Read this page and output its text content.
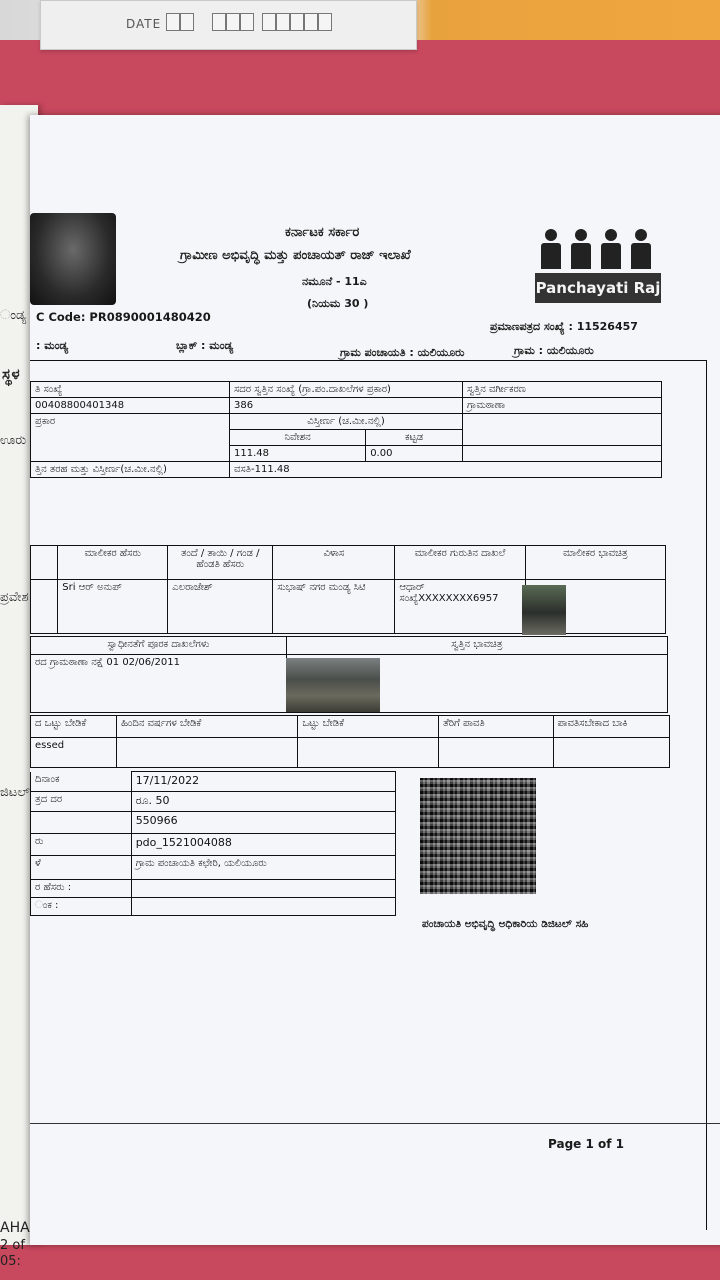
DATE
ಂಡ್ಯ
ಸ್ಥಳ
ಊರು
ಪ್ರವೇಶ
ಜಿಟಲ್
AHA
2 of
05:
ಕರ್ನಾಟಕ ಸರ್ಕಾರ
ಗ್ರಾಮೀಣ ಅಭಿವೃದ್ಧಿ ಮತ್ತು ಪಂಚಾಯತ್ ರಾಜ್ ಇಲಾಖೆ
ನಮೂನೆ - 11ಎ
(ನಿಯಮ 30 )
Panchayati Raj
C Code: PR0890001480420
ಪ್ರಮಾಣಪತ್ರದ ಸಂಖ್ಯೆ : 11526457
: ಮಂಡ್ಯ	ಬ್ಲಾಕ್ : ಮಂಡ್ಯ
ಗ್ರಾಮ ಪಂಚಾಯತಿ : ಯಲಿಯೂರು	ಗ್ರಾಮ : ಯಲಿಯೂರು
ತಿ ಸಂಖ್ಯೆ	ಸದರ ಸ್ವತ್ತಿನ ಸಂಖ್ಯೆ (ಗ್ರಾ.ಪಂ.ದಾಖಲೆಗಳ ಪ್ರಕಾರ)		ಸ್ವತ್ತಿನ ವರ್ಗೀಕರಣ
00408800401348	386		ಗ್ರಾಮಠಾಣಾ
ಪ್ರಕಾರ	ವಿಸ್ತೀರ್ಣ (ಚ.ಮೀ.ನಲ್ಲಿ)		
	ನಿವೇಶನ	ಕಟ್ಟಡ	
	111.48	0.00	
ತ್ತಿನ ತರಹ ಮತ್ತು ವಿಸ್ತೀರ್ಣ(ಚ.ಮೀ.ನಲ್ಲಿ)	ವಸತಿ-111.48		
	ಮಾಲೀಕರ ಹೆಸರು	ತಂದೆ / ತಾಯಿ / ಗಂಡ / ಹೆಂಡತಿ ಹೆಸರು	ವಿಳಾಸ	ಮಾಲೀಕರ ಗುರುತಿನ ದಾಖಲೆ	ಮಾಲೀಕರ ಭಾವಚಿತ್ರ
	Sri ಆರ್ ಅನುಪ್	ಎಲರಾಜೇಶ್	ಸುಭಾಷ್ ನಗರ ಮಂಡ್ಯ ಸಿಟಿ	ಆಧಾರ್
ಸಂಖ್ಯೆXXXXXXXX6957	
ಸ್ವಾಧೀನತೆಗೆ ಪೂರಕ ದಾಖಲೆಗಳು	ಸ್ವತ್ತಿನ ಭಾವಚಿತ್ರ
ರದ ಗ್ರಾಮಠಾಣಾ ನಕ್ಷೆ 01 02/06/2011	
ದ ಒಟ್ಟು ಬೇಡಿಕೆ	ಹಿಂದಿನ ವರ್ಷಗಳ ಬೇಡಿಕೆ	ಒಟ್ಟು ಬೇಡಿಕೆ	ತೆರಿಗೆ ಪಾವತಿ	ಪಾವತಿಸಬೇಕಾದ ಬಾಕಿ
essed				
ದಿನಾಂಕ	17/11/2022
ತ್ರದ ದರ	ರೂ. 50
	550966
ರು	pdo_1521004088
ಳೆ	ಗ್ರಾಮ ಪಂಚಾಯತಿ ಕಛೇರಿ, ಯಲಿಯೂರು
ರ ಹೆಸರು :	
ಂಕ :	
ಪಂಚಾಯತಿ ಅಭಿವೃದ್ಧಿ ಅಧಿಕಾರಿಯ ಡಿಜಿಟಲ್ ಸಹಿ
Page 1 of 1
